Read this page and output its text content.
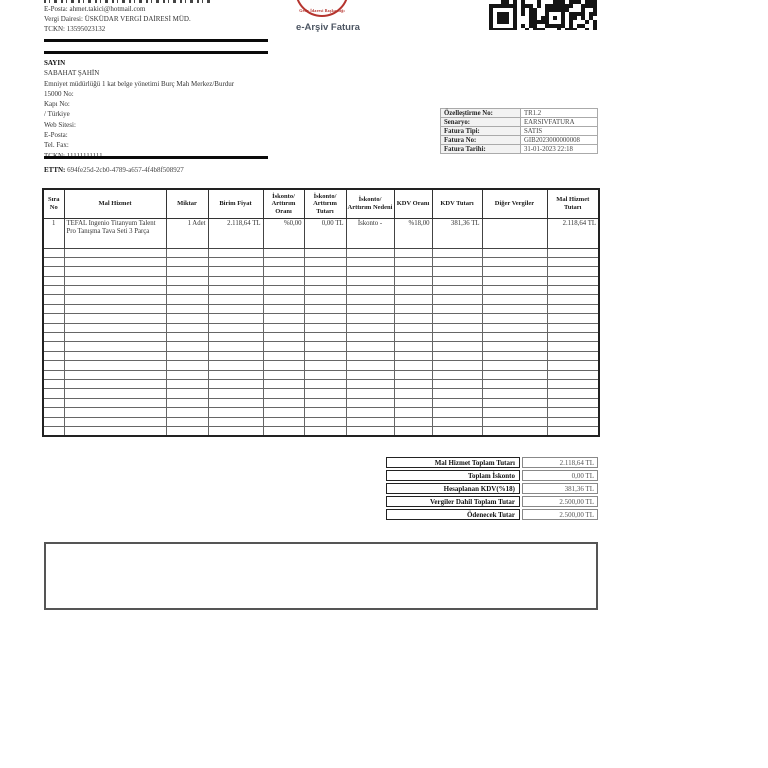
E-Posta: ahmet.takici@hotmail.com
Vergi Dairesi: ÜSKÜDAR VERGİ DAİRESİ MÜD.
TCKN: 13595023132
Gelir İdaresi Başkanlığı
e-Arşiv Fatura
SAYIN
SABAHAT ŞAHİN
Emniyet müdürlüğü 1 kat belge yönetimi Burç Mah Merkez/Burdur
15000 No:
Kapı No:
/ Türkiye
Web Sitesi:
E-Posta:
Tel. Fax:
ETTN: 694fe25d-2cb0-4789-a657-4f4b8f508927
Özelleştirme No:	TR1.2
Senaryo:	EARSIVFATURA
Fatura Tipi:	SATIS
Fatura No:	GIB2023000000008
Fatura Tarihi:	31-01-2023 22:18
Sıra No	Mal Hizmet	Miktar	Birim Fiyat	İskonto/ Arttırım Oranı	İskonto/ Arttırım Tutarı	İskonto/ Arttırım Nedeni	KDV Oranı	KDV Tutarı	Diğer Vergiler	Mal Hizmet Tutarı
1	TEFAL Ingenio Titanyum Talent Pro Tanışma Tava Seti 3 Parça	1 Adet	2.118,64 TL	%0,00	0,00 TL	İskonto -	%18,00	381,36 TL		2.118,64 TL

Mal Hizmet Toplam Tutarı	2.118,64 TL
Toplam İskonto	0,00 TL
Hesaplanan KDV(%18)	381,36 TL
Vergiler Dahil Toplam Tutar	2.500,00 TL
Ödenecek Tutar	2.500,00 TL
